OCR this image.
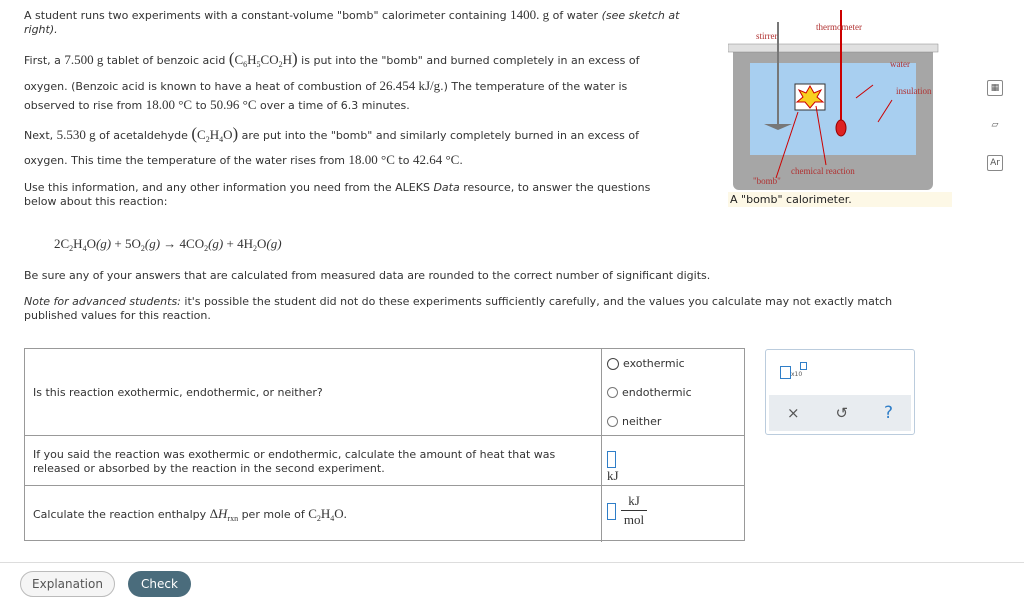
A student runs two experiments with a constant-volume "bomb" calorimeter containing 1400. g of water (see sketch at
right).
First, a 7.500 g tablet of benzoic acid $(C_6H_5CO_2H)$ is put into the "bomb" and burned completely in an excess of
oxygen. (Benzoic acid is known to have a heat of combustion of 26.454 kJ/g.) The temperature of the water is
observed to rise from 18.00 °C to 50.96 °C over a time of 6.3 minutes.
Next, 5.530 g of acetaldehyde $(C_2H_4O)$ are put into the "bomb" and similarly completely burned in an excess of
oxygen. This time the temperature of the water rises from 18.00 °C to 42.64 °C.
Use this information, and any other information you need from the ALEKS Data resource, to answer the questions
below about this reaction:
$2C_2H_4O(g) + 5O_2(g) \to 4CO_2(g) + 4H_2O(g)$
Be sure any of your answers that are calculated from measured data are rounded to the correct number of significant digits.
Note for advanced students: it's possible the student did not do these experiments sufficiently carefully, and the values you calculate may not exactly match
published values for this reaction.
thermometer
stirrer
water
insulation
chemical reaction
"bomb"
A "bomb" calorimeter.
▦
▱
Ar
Is this reaction exothermic, endothermic, or neither?
exothermic
endothermic
neither
If you said the reaction was exothermic or endothermic, calculate the amount of heat that was
released or absorbed by the reaction in the second experiment.	kJ
Calculate the reaction enthalpy $\Delta H_{rxn}$ per mole of $C_2H_4O$.
kJ
mol
x10
× ↺ ?
Explanation	Check
